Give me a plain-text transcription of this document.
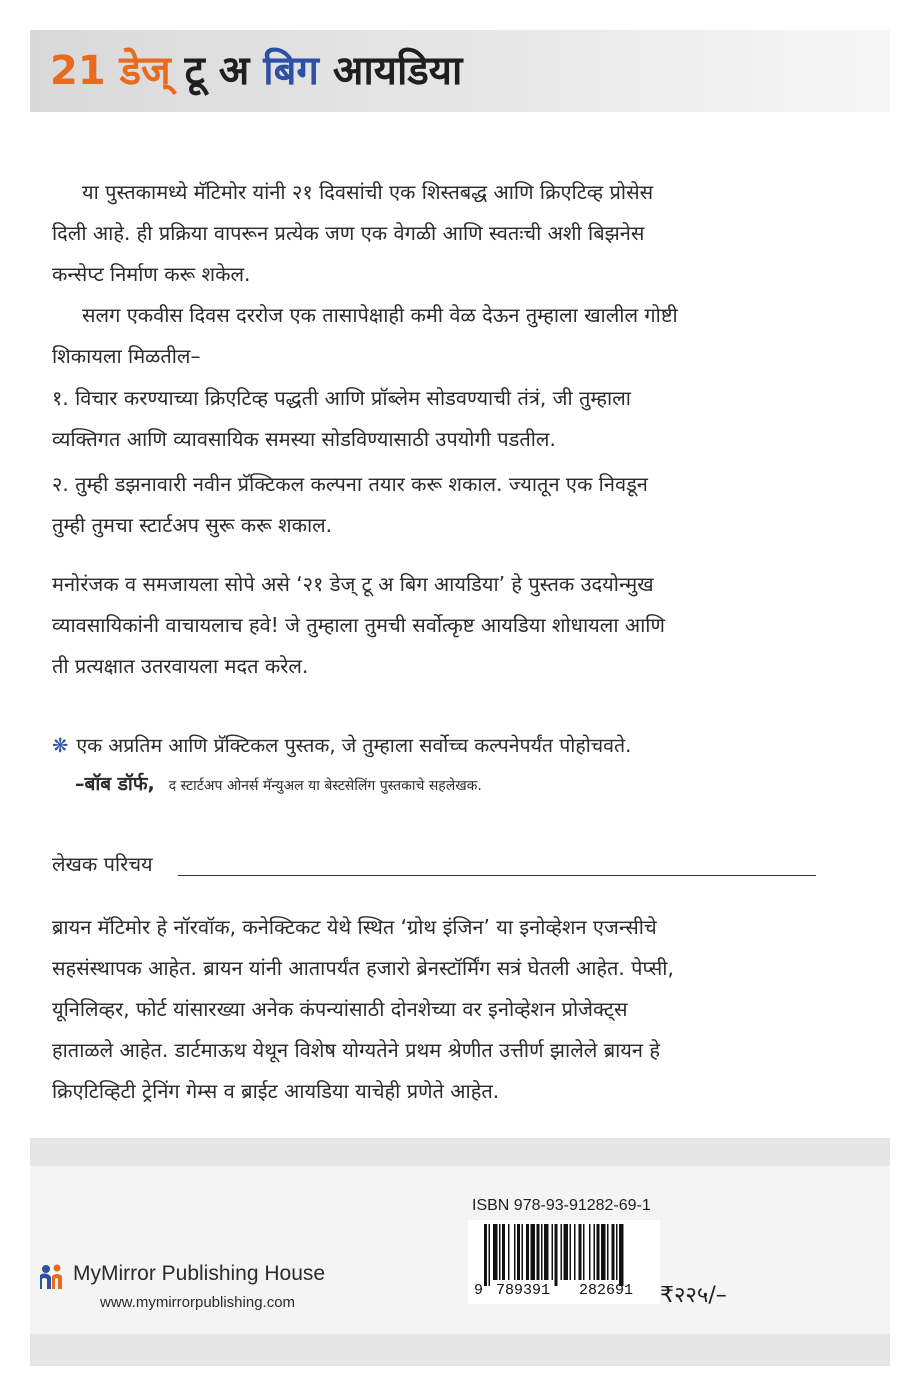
21 डेज् टू अ बिग आयडिया

या पुस्तकामध्ये मॅटिमोर यांनी २१ दिवसांची एक शिस्तबद्ध आणि क्रिएटिव्ह प्रोसेस
दिली आहे. ही प्रक्रिया वापरून प्रत्येक जण एक वेगळी आणि स्वतःची अशी बिझनेस
कन्सेप्ट निर्माण करू शकेल.

सलग एकवीस दिवस दररोज एक तासापेक्षाही कमी वेळ देऊन तुम्हाला खालील गोष्टी
शिकायला मिळतील–

१. विचार करण्याच्या क्रिएटिव्ह पद्धती आणि प्रॉब्लेम सोडवण्याची तंत्रं, जी तुम्हाला
व्यक्तिगत आणि व्यावसायिक समस्या सोडविण्यासाठी उपयोगी पडतील.

२. तुम्ही डझनावारी नवीन प्रॅक्टिकल कल्पना तयार करू शकाल. ज्यातून एक निवडून
तुम्ही तुमचा स्टार्टअप सुरू करू शकाल.

मनोरंजक व समजायला सोपे असे ‘२१ डेज् टू अ बिग आयडिया’ हे पुस्तक उदयोन्मुख
व्यावसायिकांनी वाचायलाच हवे! जे तुम्हाला तुमची सर्वोत्कृष्ट आयडिया शोधायला आणि
ती प्रत्यक्षात उतरवायला मदत करेल.

❋ एक अप्रतिम आणि प्रॅक्टिकल पुस्तक, जे तुम्हाला सर्वोच्च कल्पनेपर्यंत पोहोचवते.

–बॉब डॉर्फ, द स्टार्टअप ओनर्स मॅन्युअल या बेस्टसेलिंग पुस्तकाचे सहलेखक.

लेखक परिचय

ब्रायन मॅटिमोर हे नॉरवॉक, कनेक्टिकट येथे स्थित ‘ग्रोथ इंजिन’ या इनोव्हेशन एजन्सीचे
सहसंस्थापक आहेत. ब्रायन यांनी आतापर्यंत हजारो ब्रेनस्टॉर्मिंग सत्रं घेतली आहेत. पेप्सी,
यूनिलिव्हर, फोर्ट यांसारख्या अनेक कंपन्यांसाठी दोनशेच्या वर इनोव्हेशन प्रोजेक्ट्स
हाताळले आहेत. डार्टमाऊथ येथून विशेष योग्यतेने प्रथम श्रेणीत उत्तीर्ण झालेले ब्रायन हे
क्रिएटिव्हिटी ट्रेनिंग गेम्स व ब्राईट आयडिया याचेही प्रणेते आहेत.

MyMirror Publishing House
www.mymirrorpublishing.com
ISBN 978-93-91282-69-1
9 789391 282691 ₹२२५/–
